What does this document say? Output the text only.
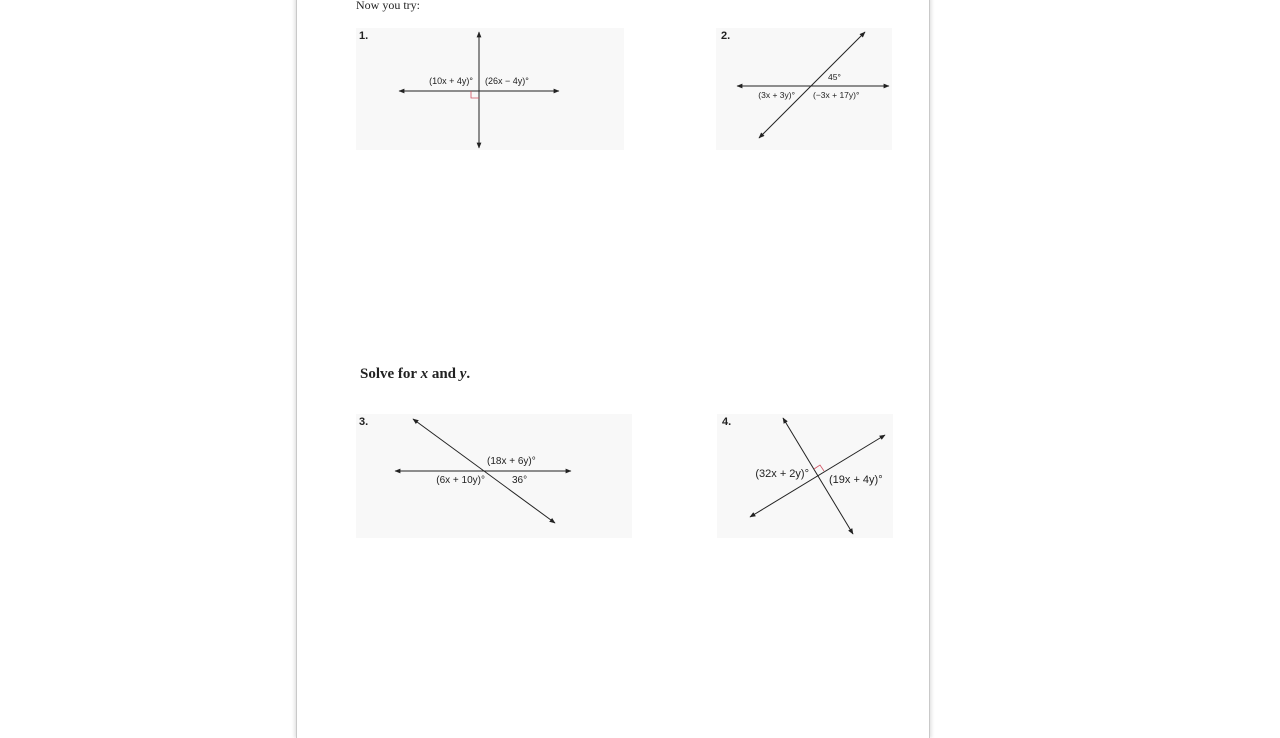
Now you try:
Solve for x and y.
1.	2.
3.	4.
(10x + 4y)° (26x − 4y)°	45°
(3x + 3y)° (−3x + 17y)°
(18x + 6y)°
(6x + 10y)°	36°
(32x + 2y)° (19x + 4y)°
